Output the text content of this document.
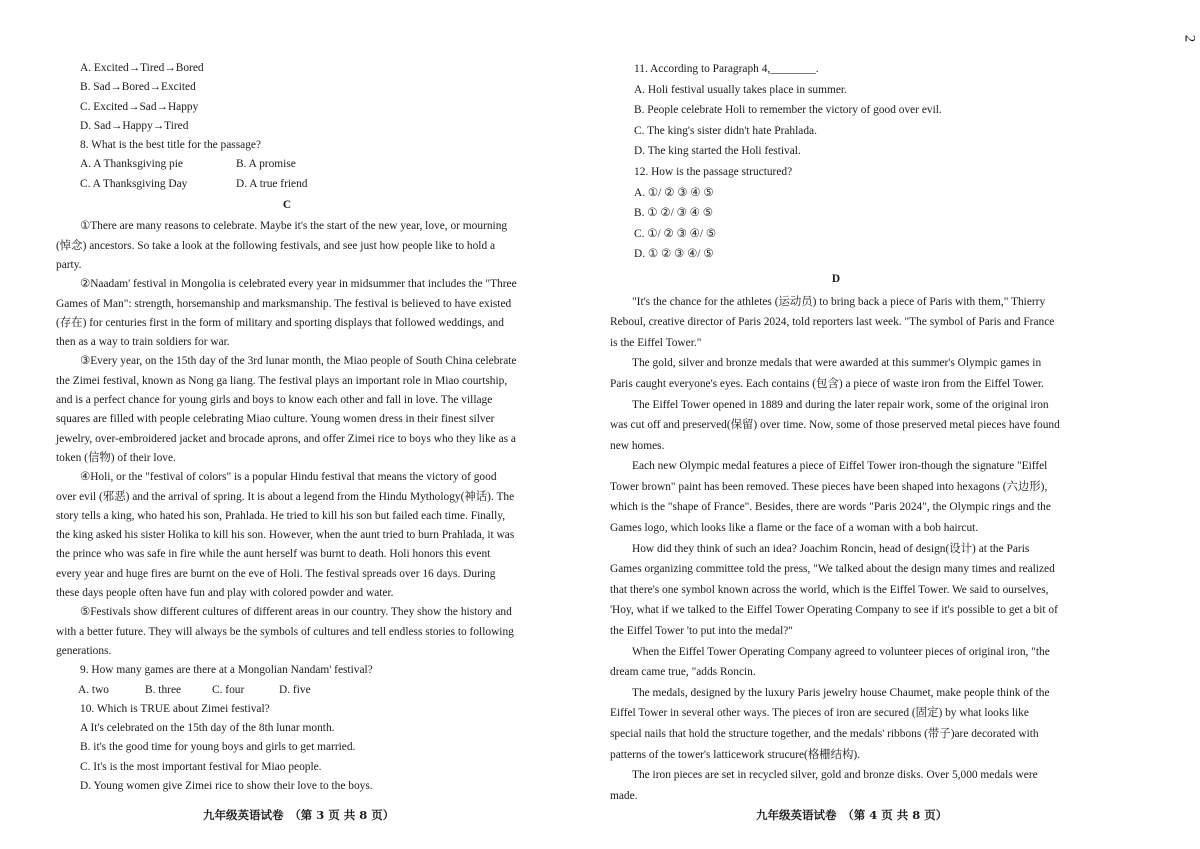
2

A. Excited→Tired→Bored

B. Sad→Bored→Excited

C. Excited→Sad→Happy

D. Sad→Happy→Tired

8. What is the best title for the passage?

A. A Thanksgiving pie	B. A promise
C. A Thanksgiving Day	D. A true friend

C

①There are many reasons to celebrate. Maybe it's the start of the new year, love, or mourning (悼念) ancestors. So take a look at the following festivals, and see just how people like to hold a party.

②Naadam' festival in Mongolia is celebrated every year in midsummer that includes the "Three Games of Man": strength, horsemanship and marksmanship. The festival is believed to have existed (存在) for centuries first in the form of military and sporting displays that followed weddings, and then as a way to train soldiers for war.

③Every year, on the 15th day of the 3rd lunar month, the Miao people of South China celebrate the Zimei festival, known as Nong ga liang. The festival plays an important role in Miao courtship, and is a perfect chance for young girls and boys to know each other and fall in love. The village squares are filled with people celebrating Miao culture. Young women dress in their finest silver jewelry, over-embroidered jacket and brocade aprons, and offer Zimei rice to boys who they like as a token (信物) of their love.

④Holi, or the "festival of colors" is a popular Hindu festival that means the victory of good over evil (邪恶) and the arrival of spring. It is about a legend from the Hindu Mythology(神话). The story tells a king, who hated his son, Prahlada. He tried to kill his son but failed each time. Finally, the king asked his sister Holika to kill his son. However, when the aunt tried to burn Prahlada, it was the prince who was safe in fire while the aunt herself was burnt to death. Holi honors this event every year and huge fires are burnt on the eve of Holi. The festival spreads over 16 days. During these days people often have fun and play with colored powder and water.

⑤Festivals show different cultures of different areas in our country. They show the history and with a better future. They will always be the symbols of cultures and tell endless stories to following generations.

9. How many games are there at a Mongolian Nandam' festival?

A. two	B. three	C. four	D. five

10. Which is TRUE about Zimei festival?

A It's celebrated on the 15th day of the 8th lunar month.

B. it's the good time for young boys and girls to get married.

C. It's is the most important festival for Miao people.

D. Young women give Zimei rice to show their love to the boys.

九年级英语试卷　（第 3 页 共 8 页）

11. According to Paragraph 4,________.

A. Holi festival usually takes place in summer.

B. People celebrate Holi to remember the victory of good over evil.

C. The king's sister didn't hate Prahlada.

D. The king started the Holi festival.

12. How is the passage structured?

A. ①/ ② ③ ④ ⑤

B. ① ②/ ③ ④ ⑤

C. ①/ ② ③ ④/ ⑤

D. ① ② ③ ④/ ⑤

D

"It's the chance for the athletes (运动员) to bring back a piece of Paris with them," Thierry Reboul, creative director of Paris 2024, told reporters last week. "The symbol of Paris and France is the Eiffel Tower."

The gold, silver and bronze medals that were awarded at this summer's Olympic games in Paris caught everyone's eyes. Each contains (包含) a piece of waste iron from the Eiffel Tower.

The Eiffel Tower opened in 1889 and during the later repair work, some of the original iron was cut off and preserved(保留) over time. Now, some of those preserved metal pieces have found new homes.

Each new Olympic medal features a piece of Eiffel Tower iron-though the signature "Eiffel Tower brown" paint has been removed. These pieces have been shaped into hexagons (六边形), which is the "shape of France". Besides, there are words "Paris 2024", the Olympic rings and the Games logo, which looks like a flame or the face of a woman with a bob haircut.

How did they think of such an idea? Joachim Roncin, head of design(设计) at the Paris Games organizing committee told the press, "We talked about the design many times and realized that there's one symbol known across the world, which is the Eiffel Tower. We said to ourselves, 'Hoy, what if we talked to the Eiffel Tower Operating Company to see if it's possible to get a bit of the Eiffel Tower 'to put into the medal?"

When the Eiffel Tower Operating Company agreed to volunteer pieces of original iron, "the dream came true, "adds Roncin.

The medals, designed by the luxury Paris jewelry house Chaumet, make people think of the Eiffel Tower in several other ways. The pieces of iron are secured (固定) by what looks like special nails that hold the structure together, and the medals' ribbons (带子)are decorated with patterns of the tower's latticework strucure(格栅结构).

The iron pieces are set in recycled silver, gold and bronze disks. Over 5,000 medals were made.

九年级英语试卷　（第 4 页 共 8 页）
